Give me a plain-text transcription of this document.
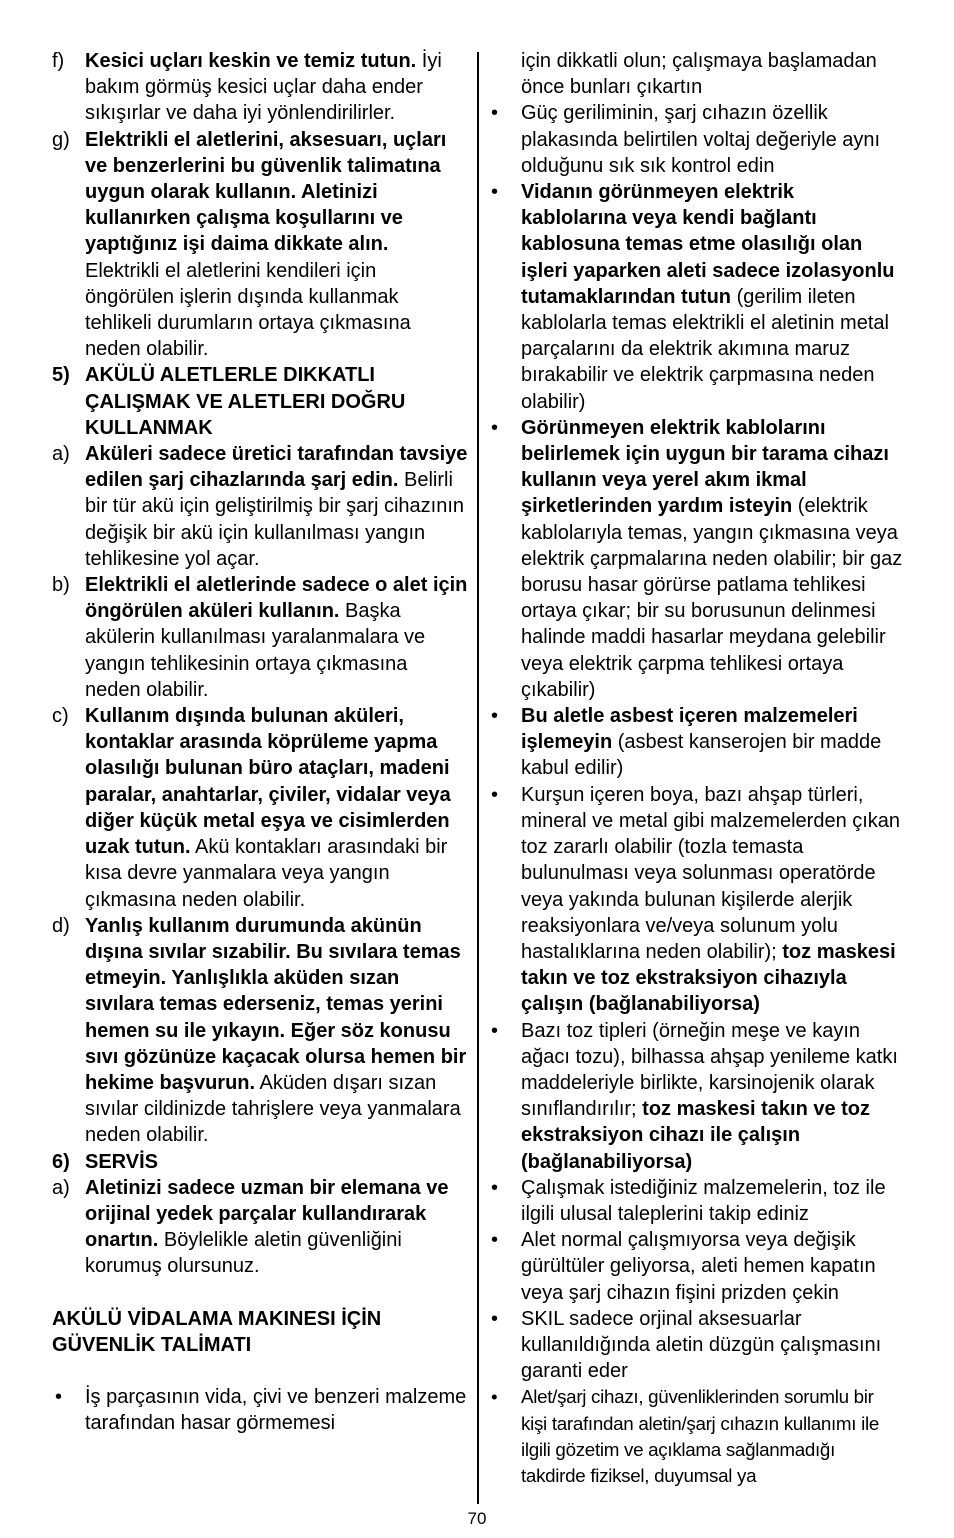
f) Kesici uçları keskin ve temiz tutun. İyi bakım görmüş kesici uçlar daha ender sıkışırlar ve daha iyi yönlendirilirler.
g) Elektrikli el aletlerini, aksesuarı, uçları ve benzerlerini bu güvenlik talimatına uygun olarak kullanın. Aletinizi kullanırken çalışma koşullarını ve yaptığınız işi daima dikkate alın. Elektrikli el aletlerini kendileri için öngörülen işlerin dışında kullanmak tehlikeli durumların ortaya çıkmasına neden olabilir.
5) AKÜLÜ ALETLERLE DIKKATLI ÇALIŞMAK VE ALETLERI DOĞRU KULLANMAK
a) Aküleri sadece üretici tarafından tavsiye edilen şarj cihazlarında şarj edin. Belirli bir tür akü için geliştirilmiş bir şarj cihazının değişik bir akü için kullanılması yangın tehlikesine yol açar.
b) Elektrikli el aletlerinde sadece o alet için öngörülen aküleri kullanın. Başka akülerin kullanılması yaralanmalara ve yangın tehlikesinin ortaya çıkmasına neden olabilir.
c) Kullanım dışında bulunan aküleri, kontaklar arasında köprüleme yapma olasılığı bulunan büro ataçları, madeni paralar, anahtarlar, çiviler, vidalar veya diğer küçük metal eşya ve cisimlerden uzak tutun. Akü kontakları arasındaki bir kısa devre yanmalara veya yangın çıkmasına neden olabilir.
d) Yanlış kullanım durumunda akünün dışına sıvılar sızabilir. Bu sıvılara temas etmeyin. Yanlışlıkla aküden sızan sıvılara temas ederseniz, temas yerini hemen su ile yıkayın. Eğer söz konusu sıvı gözünüze kaçacak olursa hemen bir hekime başvurun. Aküden dışarı sızan sıvılar cildinizde tahrişlere veya yanmalara neden olabilir.
6) SERVİS
a) Aletinizi sadece uzman bir elemana ve orijinal yedek parçalar kullandırarak onartın. Böylelikle aletin güvenliğini korumuş olursunuz.

AKÜLÜ VİDALAMA MAKINESI İÇİN GÜVENLİK TALİMATI

• İş parçasının vida, çivi ve benzeri malzeme tarafından hasar görmemesi

için dikkatli olun; çalışmaya başlamadan önce bunları çıkartın

• Güç geriliminin, şarj cıhazın özellik plakasında belirtilen voltaj değeriyle aynı olduğunu sık sık kontrol edin
• Vidanın görünmeyen elektrik kablolarına veya kendi bağlantı kablosuna temas etme olasılığı olan işleri yaparken aleti sadece izolasyonlu tutamaklarından tutun (gerilim ileten kablolarla temas elektrikli el aletinin metal parçalarını da elektrik akımına maruz bırakabilir ve elektrik çarpmasına neden olabilir)
• Görünmeyen elektrik kablolarını belirlemek için uygun bir tarama cihazı kullanın veya yerel akım ikmal şirketlerinden yardım isteyin (elektrik kablolarıyla temas, yangın çıkmasına veya elektrik çarpmalarına neden olabilir; bir gaz borusu hasar görürse patlama tehlikesi ortaya çıkar; bir su borusunun delinmesi halinde maddi hasarlar meydana gelebilir veya elektrik çarpma tehlikesi ortaya çıkabilir)
• Bu aletle asbest içeren malzemeleri işlemeyin (asbest kanserojen bir madde kabul edilir)
• Kurşun içeren boya, bazı ahşap türleri, mineral ve metal gibi malzemelerden çıkan toz zararlı olabilir (tozla temasta bulunulması veya solunması operatörde veya yakında bulunan kişilerde alerjik reaksiyonlara ve/veya solunum yolu hastalıklarına neden olabilir); toz maskesi takın ve toz ekstraksiyon cihazıyla çalışın (bağlanabiliyorsa)
• Bazı toz tipleri (örneğin meşe ve kayın ağacı tozu), bilhassa ahşap yenileme katkı maddeleriyle birlikte, karsinojenik olarak sınıflandırılır; toz maskesi takın ve toz ekstraksiyon cihazı ile çalışın (bağlanabiliyorsa)
• Çalışmak istediğiniz malzemelerin, toz ile ilgili ulusal taleplerini takip ediniz
• Alet normal çalışmıyorsa veya değişik gürültüler geliyorsa, aleti hemen kapatın veya şarj cihazın fişini prizden çekin
• SKIL sadece orjinal aksesuarlar kullanıldığında aletin düzgün çalışmasını garanti eder
• Alet/şarj cihazı, güvenliklerinden sorumlu bir kişi tarafından aletin/şarj cıhazın kullanımı ile ilgili gözetim ve açıklama sağlanmadığı takdirde fiziksel, duyumsal ya
70
